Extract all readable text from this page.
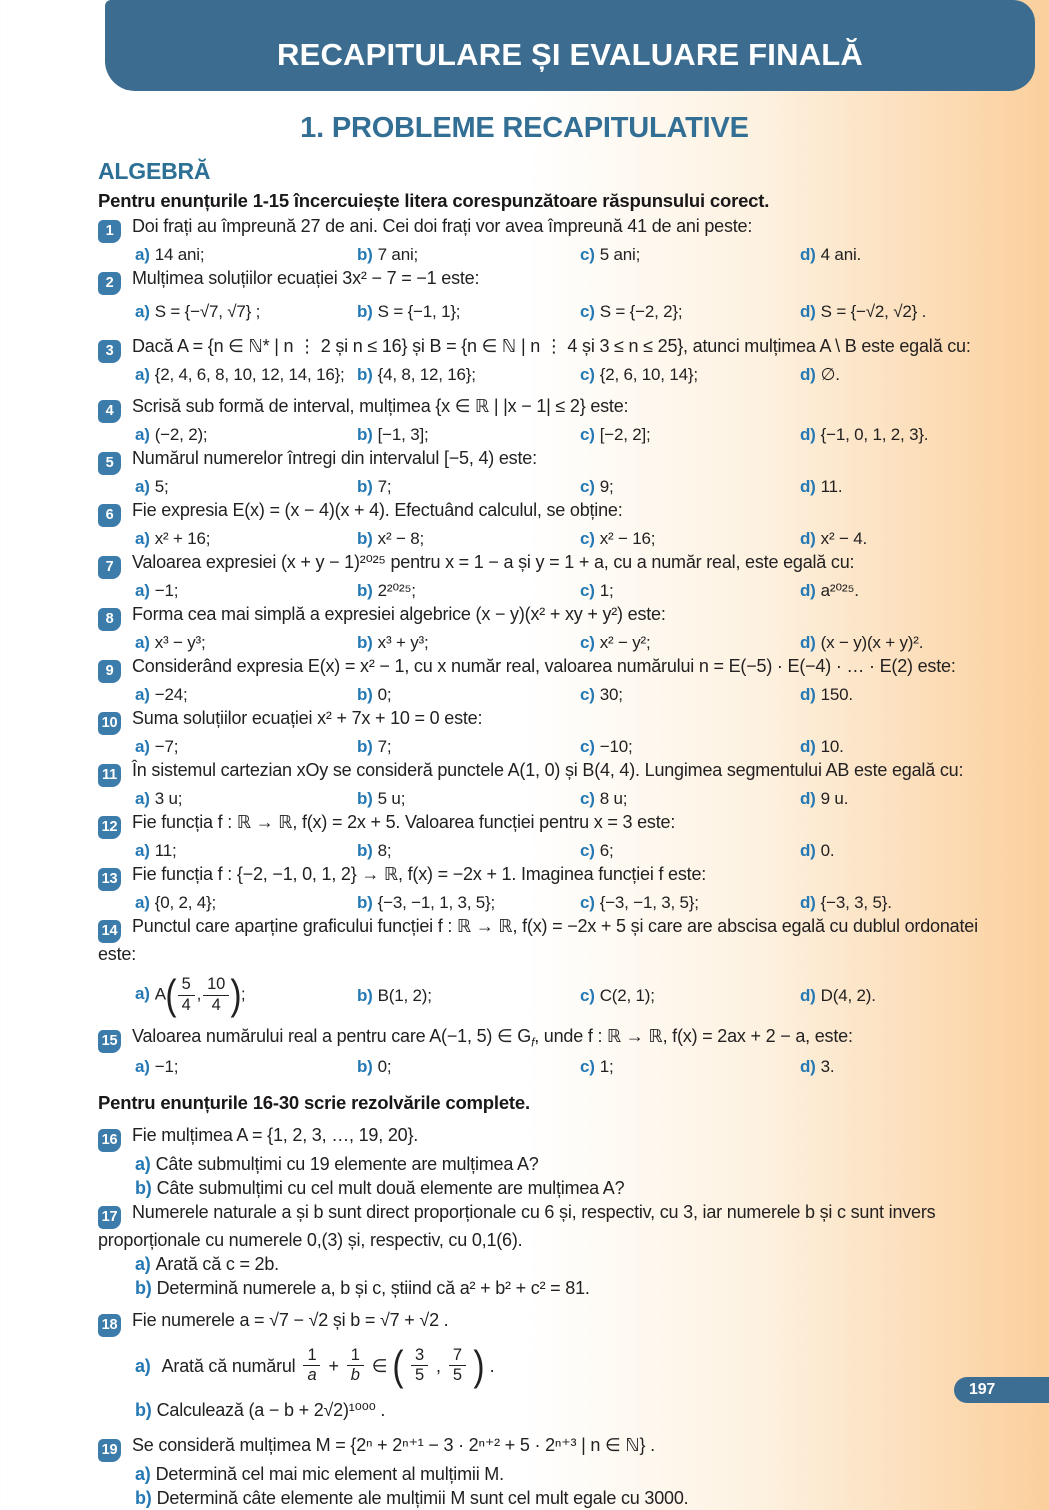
RECAPITULARE ȘI EVALUARE FINALĂ
1. PROBLEME RECAPITULATIVE
ALGEBRĂ

Pentru enunțurile 1-15 încercuiește litera corespunzătoare răspunsului corect.

1 Doi frați au împreună 27 de ani. Cei doi frați vor avea împreună 41 de ani peste:
a) 14 ani;	b) 7 ani;	c) 5 ani;	d) 4 ani.
2 Mulțimea soluțiilor ecuației 3x² − 7 = −1 este:
a) S = {−√7, √7} ;	b) S = {−1, 1};	c) S = {−2, 2};	d) S = {−√2, √2} .
3 Dacă A = {n ∈ ℕ* | n ⋮ 2 și n ≤ 16} și B = {n ∈ ℕ | n ⋮ 4 și 3 ≤ n ≤ 25}, atunci mulțimea A \ B este egală cu:
a) {2, 4, 6, 8, 10, 12, 14, 16}; b) {4, 8, 12, 16};	c) {2, 6, 10, 14};	d) ∅.
4 Scrisă sub formă de interval, mulțimea {x ∈ ℝ | |x − 1| ≤ 2} este:
a) (−2, 2);	b) [−1, 3];	c) [−2, 2];	d) {−1, 0, 1, 2, 3}.
5 Numărul numerelor întregi din intervalul [−5, 4) este:
a) 5;	b) 7;	c) 9;	d) 11.
6 Fie expresia E(x) = (x − 4)(x + 4). Efectuând calculul, se obține:
a) x² + 16;	b) x² − 8;	c) x² − 16;	d) x² − 4.
7 Valoarea expresiei (x + y − 1)²⁰²⁵ pentru x = 1 − a și y = 1 + a, cu a număr real, este egală cu:
a) −1;	b) 2²⁰²⁵;	c) 1;	d) a²⁰²⁵.
8 Forma cea mai simplă a expresiei algebrice (x − y)(x² + xy + y²) este:
a) x³ − y³;	b) x³ + y³;	c) x² − y²;	d) (x − y)(x + y)².
9 Considerând expresia E(x) = x² − 1, cu x număr real, valoarea numărului n = E(−5) · E(−4) · … · E(2) este:
a) −24;	b) 0;	c) 30;	d) 150.
10 Suma soluțiilor ecuației x² + 7x + 10 = 0 este:
a) −7;	b) 7;	c) −10;	d) 10.
11 În sistemul cartezian xOy se consideră punctele A(1, 0) și B(4, 4). Lungimea segmentului AB este egală cu:
a) 3 u;	b) 5 u;	c) 8 u;	d) 9 u.
12 Fie funcția f : ℝ → ℝ, f(x) = 2x + 5. Valoarea funcției pentru x = 3 este:
a) 11;	b) 8;	c) 6;	d) 0.
13 Fie funcția f : {−2, −1, 0, 1, 2} → ℝ, f(x) = −2x + 1. Imaginea funcției f este:
a) {0, 2, 4};	b) {−3, −1, 1, 3, 5};	c) {−3, −1, 3, 5};	d) {−3, 3, 5}.
14 Punctul care aparține graficului funcției f : ℝ → ℝ, f(x) = −2x + 5 și care are abscisa egală cu dublul ordonatei
este:
a) $A( \frac{5}{4}$ , $\frac{10}{4}$ );	b) B(1, 2);	c) C(2, 1);	d) D(4, 2).
15 Valoarea numărului real a pentru care A(−1, 5) ∈ $G_f$, unde f : ℝ → ℝ, f(x) = 2ax + 2 − a, este:
a) −1;	b) 0;	c) 1;	d) 3.

Pentru enunțurile 16-30 scrie rezolvările complete.

16 Fie mulțimea A = {1, 2, 3, …, 19, 20}.
a) Câte submulțimi cu 19 elemente are mulțimea A?
b) Câte submulțimi cu cel mult două elemente are mulțimea A?
17 Numerele naturale a și b sunt direct proporționale cu 6 și, respectiv, cu 3, iar numerele b și c sunt invers proporționale cu numerele 0,(3) și, respectiv, cu 0,1(6).
a) Arată că c = 2b.
b) Determină numerele a, b și c, știind că a² + b² + c² = 81.
18 Fie numerele a = √7 − √2 și b = √7 + √2 .
a) Arată că numărul $\frac{1}{a} + \frac{1}{b}$ ∈ ( $\frac{3}{5}$ , $\frac{7}{5}$ ) .
b) Calculează (a − b + 2√2)¹⁰⁰⁰ .
19 Se consideră mulțimea M = {2ⁿ + 2ⁿ⁺¹ − 3 · 2ⁿ⁺² + 5 · 2ⁿ⁺³ | n ∈ ℕ} .
a) Determină cel mai mic element al mulțimii M.
b) Determină câte elemente ale mulțimii M sunt cel mult egale cu 3000.
197
